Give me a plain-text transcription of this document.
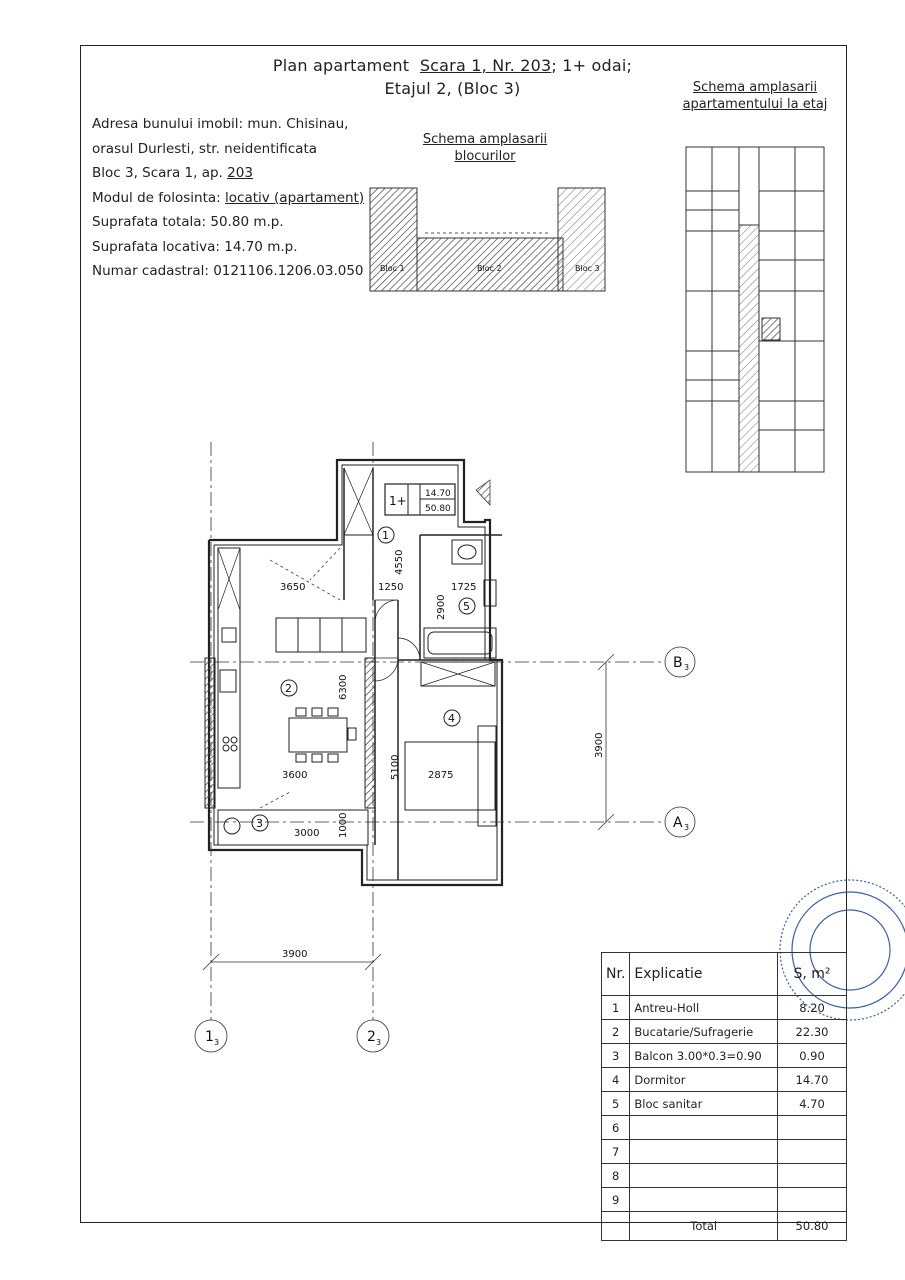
Plan apartament Scara 1, Nr. 203; 1+ odai;
Etajul 2, (Bloc 3)
Adresa bunului imobil: mun. Chisinau,
orasul Durlesti, str. neidentificata
Bloc 3, Scara 1, ap. 203
Modul de folosinta: locativ (apartament)
Suprafata totala: 50.80 m.p.
Suprafata locativa: 14.70 m.p.
Numar cadastral: 0121106.1206.03.050
Schema amplasarii
blocurilor
Schema amplasarii
apartamentului la etaj
Bloc 1	Bloc 2	Bloc 3
1+ 14.70
50.80
1
2
3
4
5
3650	1250
4550
1725
2900
6300
3600	5100	2875
3000 1000
3900
3900
B 3
A 3
1 3	2 3
Nr.	Explicatie	S, m²
1	Antreu-Holl	8.20
2	Bucatarie/Sufragerie	22.30
3	Balcon 3.00*0.3=0.90	0.90
4	Dormitor	14.70
5	Bloc sanitar	4.70
6		
7		
8		
9		
	Total	50.80
